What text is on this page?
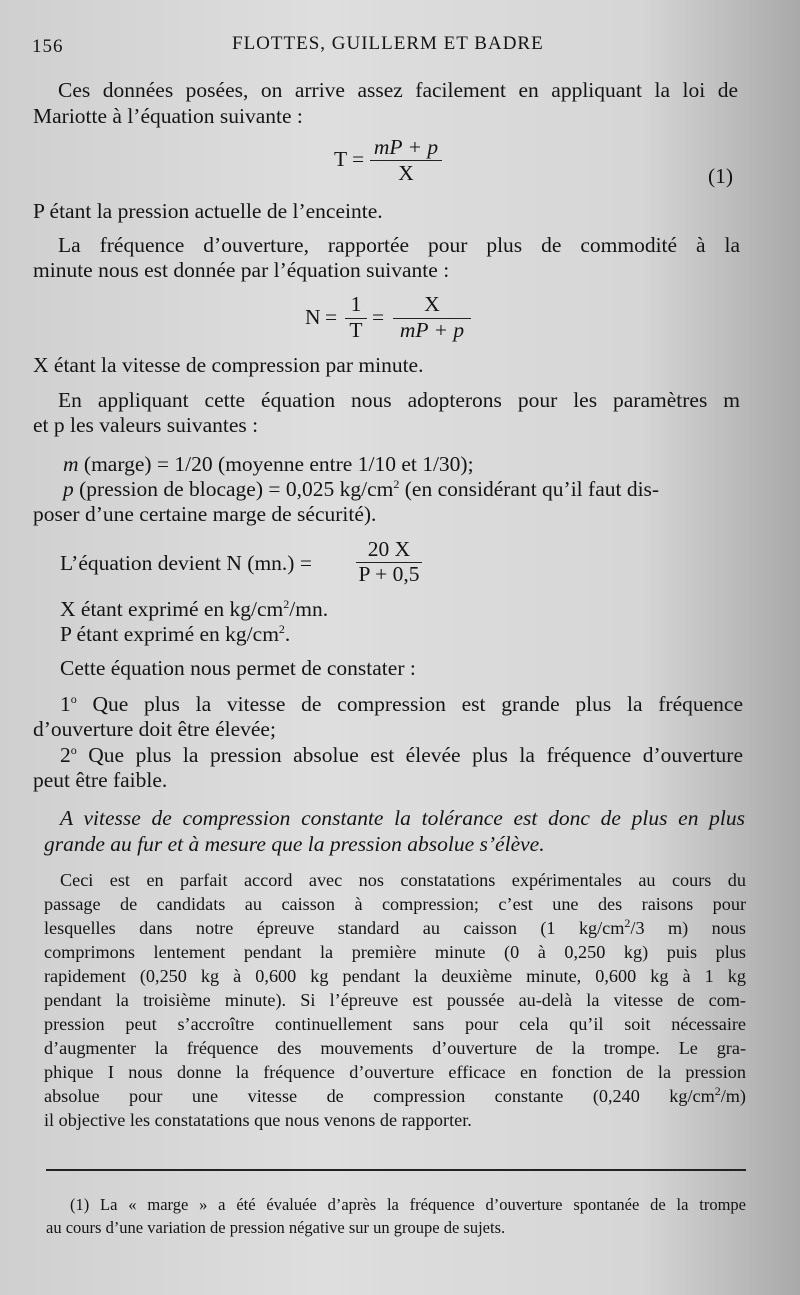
156	FLOTTES, GUILLERM ET BADRE
Ces données posées, on arrive assez facilement en appliquant la loi de
Mariotte à l’équation suivante :
T = mP + p
X	(1)
P étant la pression actuelle de l’enceinte.
La fréquence d’ouverture, rapportée pour plus de commodité à la
minute nous est donnée par l’équation suivante :
N =
1
T
=
X
mP + p
X étant la vitesse de compression par minute.
En appliquant cette équation nous adopterons pour les paramètres m
et p les valeurs suivantes :
m (marge) = 1/20 (moyenne entre 1/10 et 1/30);
p (pression de blocage) = 0,025 $kg/cm^2$ (en considérant qu’il faut dis-
poser d’une certaine marge de sécurité).
L’équation devient N (mn.) =
20 X
P + 0,5
X étant exprimé en $kg/cm^2/mn$.
P étant exprimé en $kg/cm^2$.
Cette équation nous permet de constater :
1$^o$ Que plus la vitesse de compression est grande plus la fréquence
d’ouverture doit être élevée;
2$^o$ Que plus la pression absolue est élevée plus la fréquence d’ouverture
peut être faible.
A vitesse de compression constante la tolérance est donc de plus en plus
grande au fur et à mesure que la pression absolue s’élève.
Ceci est en parfait accord avec nos constatations expérimentales au cours du
passage de candidats au caisson à compression; c’est une des raisons pour
lesquelles dans notre épreuve standard au caisson (1 $kg/cm^2/3$ m) nous
comprimons lentement pendant la première minute (0 à 0,250 kg) puis plus
rapidement (0,250 kg à 0,600 kg pendant la deuxième minute, 0,600 kg à 1 kg
pendant la troisième minute). Si l’épreuve est poussée au-delà la vitesse de com-
pression peut s’accroître continuellement sans pour cela qu’il soit nécessaire
d’augmenter la fréquence des mouvements d’ouverture de la trompe. Le gra-
phique I nous donne la fréquence d’ouverture efficace en fonction de la pression
absolue pour une vitesse de compression constante (0,240 $kg/cm^2/m$)
il objective les constatations que nous venons de rapporter.
(1) La « marge » a été évaluée d’après la fréquence d’ouverture spontanée de la trompe
au cours d’une variation de pression négative sur un groupe de sujets.
